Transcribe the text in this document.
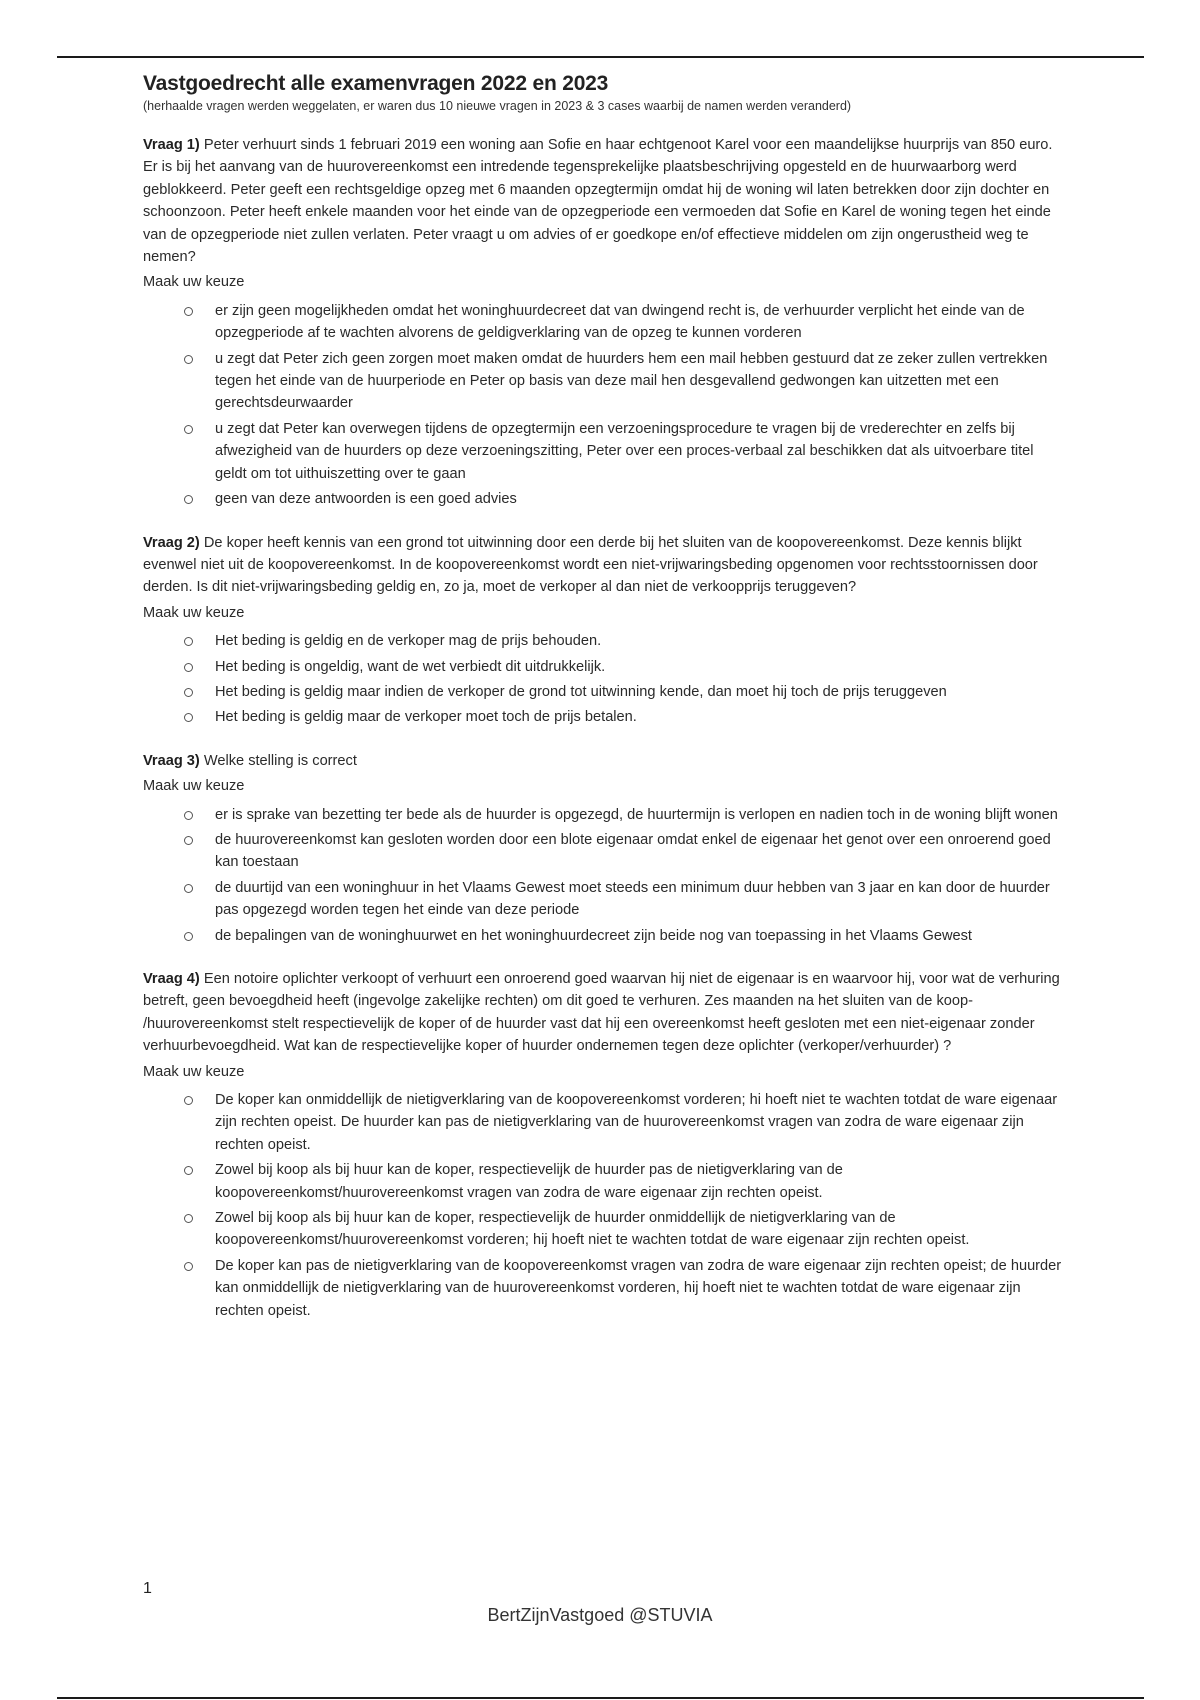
Vastgoedrecht alle examenvragen 2022 en 2023

(herhaalde vragen werden weggelaten, er waren dus 10 nieuwe vragen in 2023 & 3 cases waarbij de namen werden veranderd)

Vraag 1) Peter verhuurt sinds 1 februari 2019 een woning aan Sofie en haar echtgenoot Karel voor een maandelijkse huurprijs van 850 euro. Er is bij het aanvang van de huurovereenkomst een intredende tegensprekelijke plaatsbeschrijving opgesteld en de huurwaarborg werd geblokkeerd. Peter geeft een rechtsgeldige opzeg met 6 maanden opzegtermijn omdat hij de woning wil laten betrekken door zijn dochter en schoonzoon. Peter heeft enkele maanden voor het einde van de opzegperiode een vermoeden dat Sofie en Karel de woning tegen het einde van de opzegperiode niet zullen verlaten. Peter vraagt u om advies of er goedkope en/of effectieve middelen om zijn ongerustheid weg te nemen?

Maak uw keuze

er zijn geen mogelijkheden omdat het woninghuurdecreet dat van dwingend recht is, de verhuurder verplicht het einde van de opzegperiode af te wachten alvorens de geldigverklaring van de opzeg te kunnen vorderen
u zegt dat Peter zich geen zorgen moet maken omdat de huurders hem een mail hebben gestuurd dat ze zeker zullen vertrekken tegen het einde van de huurperiode en Peter op basis van deze mail hen desgevallend gedwongen kan uitzetten met een gerechtsdeurwaarder
u zegt dat Peter kan overwegen tijdens de opzegtermijn een verzoeningsprocedure te vragen bij de vrederechter en zelfs bij afwezigheid van de huurders op deze verzoeningszitting, Peter over een proces-verbaal zal beschikken dat als uitvoerbare titel geldt om tot uithuiszetting over te gaan
geen van deze antwoorden is een goed advies

Vraag 2) De koper heeft kennis van een grond tot uitwinning door een derde bij het sluiten van de koopovereenkomst. Deze kennis blijkt evenwel niet uit de koopovereenkomst. In de koopovereenkomst wordt een niet-vrijwaringsbeding opgenomen voor rechtsstoornissen door derden. Is dit niet-vrijwaringsbeding geldig en, zo ja, moet de verkoper al dan niet de verkoopprijs teruggeven?

Maak uw keuze

Het beding is geldig en de verkoper mag de prijs behouden.
Het beding is ongeldig, want de wet verbiedt dit uitdrukkelijk.
Het beding is geldig maar indien de verkoper de grond tot uitwinning kende, dan moet hij toch de prijs teruggeven
Het beding is geldig maar de verkoper moet toch de prijs betalen.

Vraag 3) Welke stelling is correct

Maak uw keuze

er is sprake van bezetting ter bede als de huurder is opgezegd, de huurtermijn is verlopen en nadien toch in de woning blijft wonen
de huurovereenkomst kan gesloten worden door een blote eigenaar omdat enkel de eigenaar het genot over een onroerend goed kan toestaan
de duurtijd van een woninghuur in het Vlaams Gewest moet steeds een minimum duur hebben van 3 jaar en kan door de huurder pas opgezegd worden tegen het einde van deze periode
de bepalingen van de woninghuurwet en het woninghuurdecreet zijn beide nog van toepassing in het Vlaams Gewest

Vraag 4) Een notoire oplichter verkoopt of verhuurt een onroerend goed waarvan hij niet de eigenaar is en waarvoor hij, voor wat de verhuring betreft, geen bevoegdheid heeft (ingevolge zakelijke rechten) om dit goed te verhuren. Zes maanden na het sluiten van de koop- /huurovereenkomst stelt respectievelijk de koper of de huurder vast dat hij een overeenkomst heeft gesloten met een niet-eigenaar zonder verhuurbevoegdheid. Wat kan de respectievelijke koper of huurder ondernemen tegen deze oplichter (verkoper/verhuurder) ?

Maak uw keuze

De koper kan onmiddellijk de nietigverklaring van de koopovereenkomst vorderen; hi hoeft niet te wachten totdat de ware eigenaar zijn rechten opeist. De huurder kan pas de nietigverklaring van de huurovereenkomst vragen van zodra de ware eigenaar zijn rechten opeist.
Zowel bij koop als bij huur kan de koper, respectievelijk de huurder pas de nietigverklaring van de koopovereenkomst/huurovereenkomst vragen van zodra de ware eigenaar zijn rechten opeist.
Zowel bij koop als bij huur kan de koper, respectievelijk de huurder onmiddellijk de nietigverklaring van de koopovereenkomst/huurovereenkomst vorderen; hij hoeft niet te wachten totdat de ware eigenaar zijn rechten opeist.
De koper kan pas de nietigverklaring van de koopovereenkomst vragen van zodra de ware eigenaar zijn rechten opeist; de huurder kan onmiddellijk de nietigverklaring van de huurovereenkomst vorderen, hij hoeft niet te wachten totdat de ware eigenaar zijn rechten opeist.
1
BertZijnVastgoed @STUVIA
